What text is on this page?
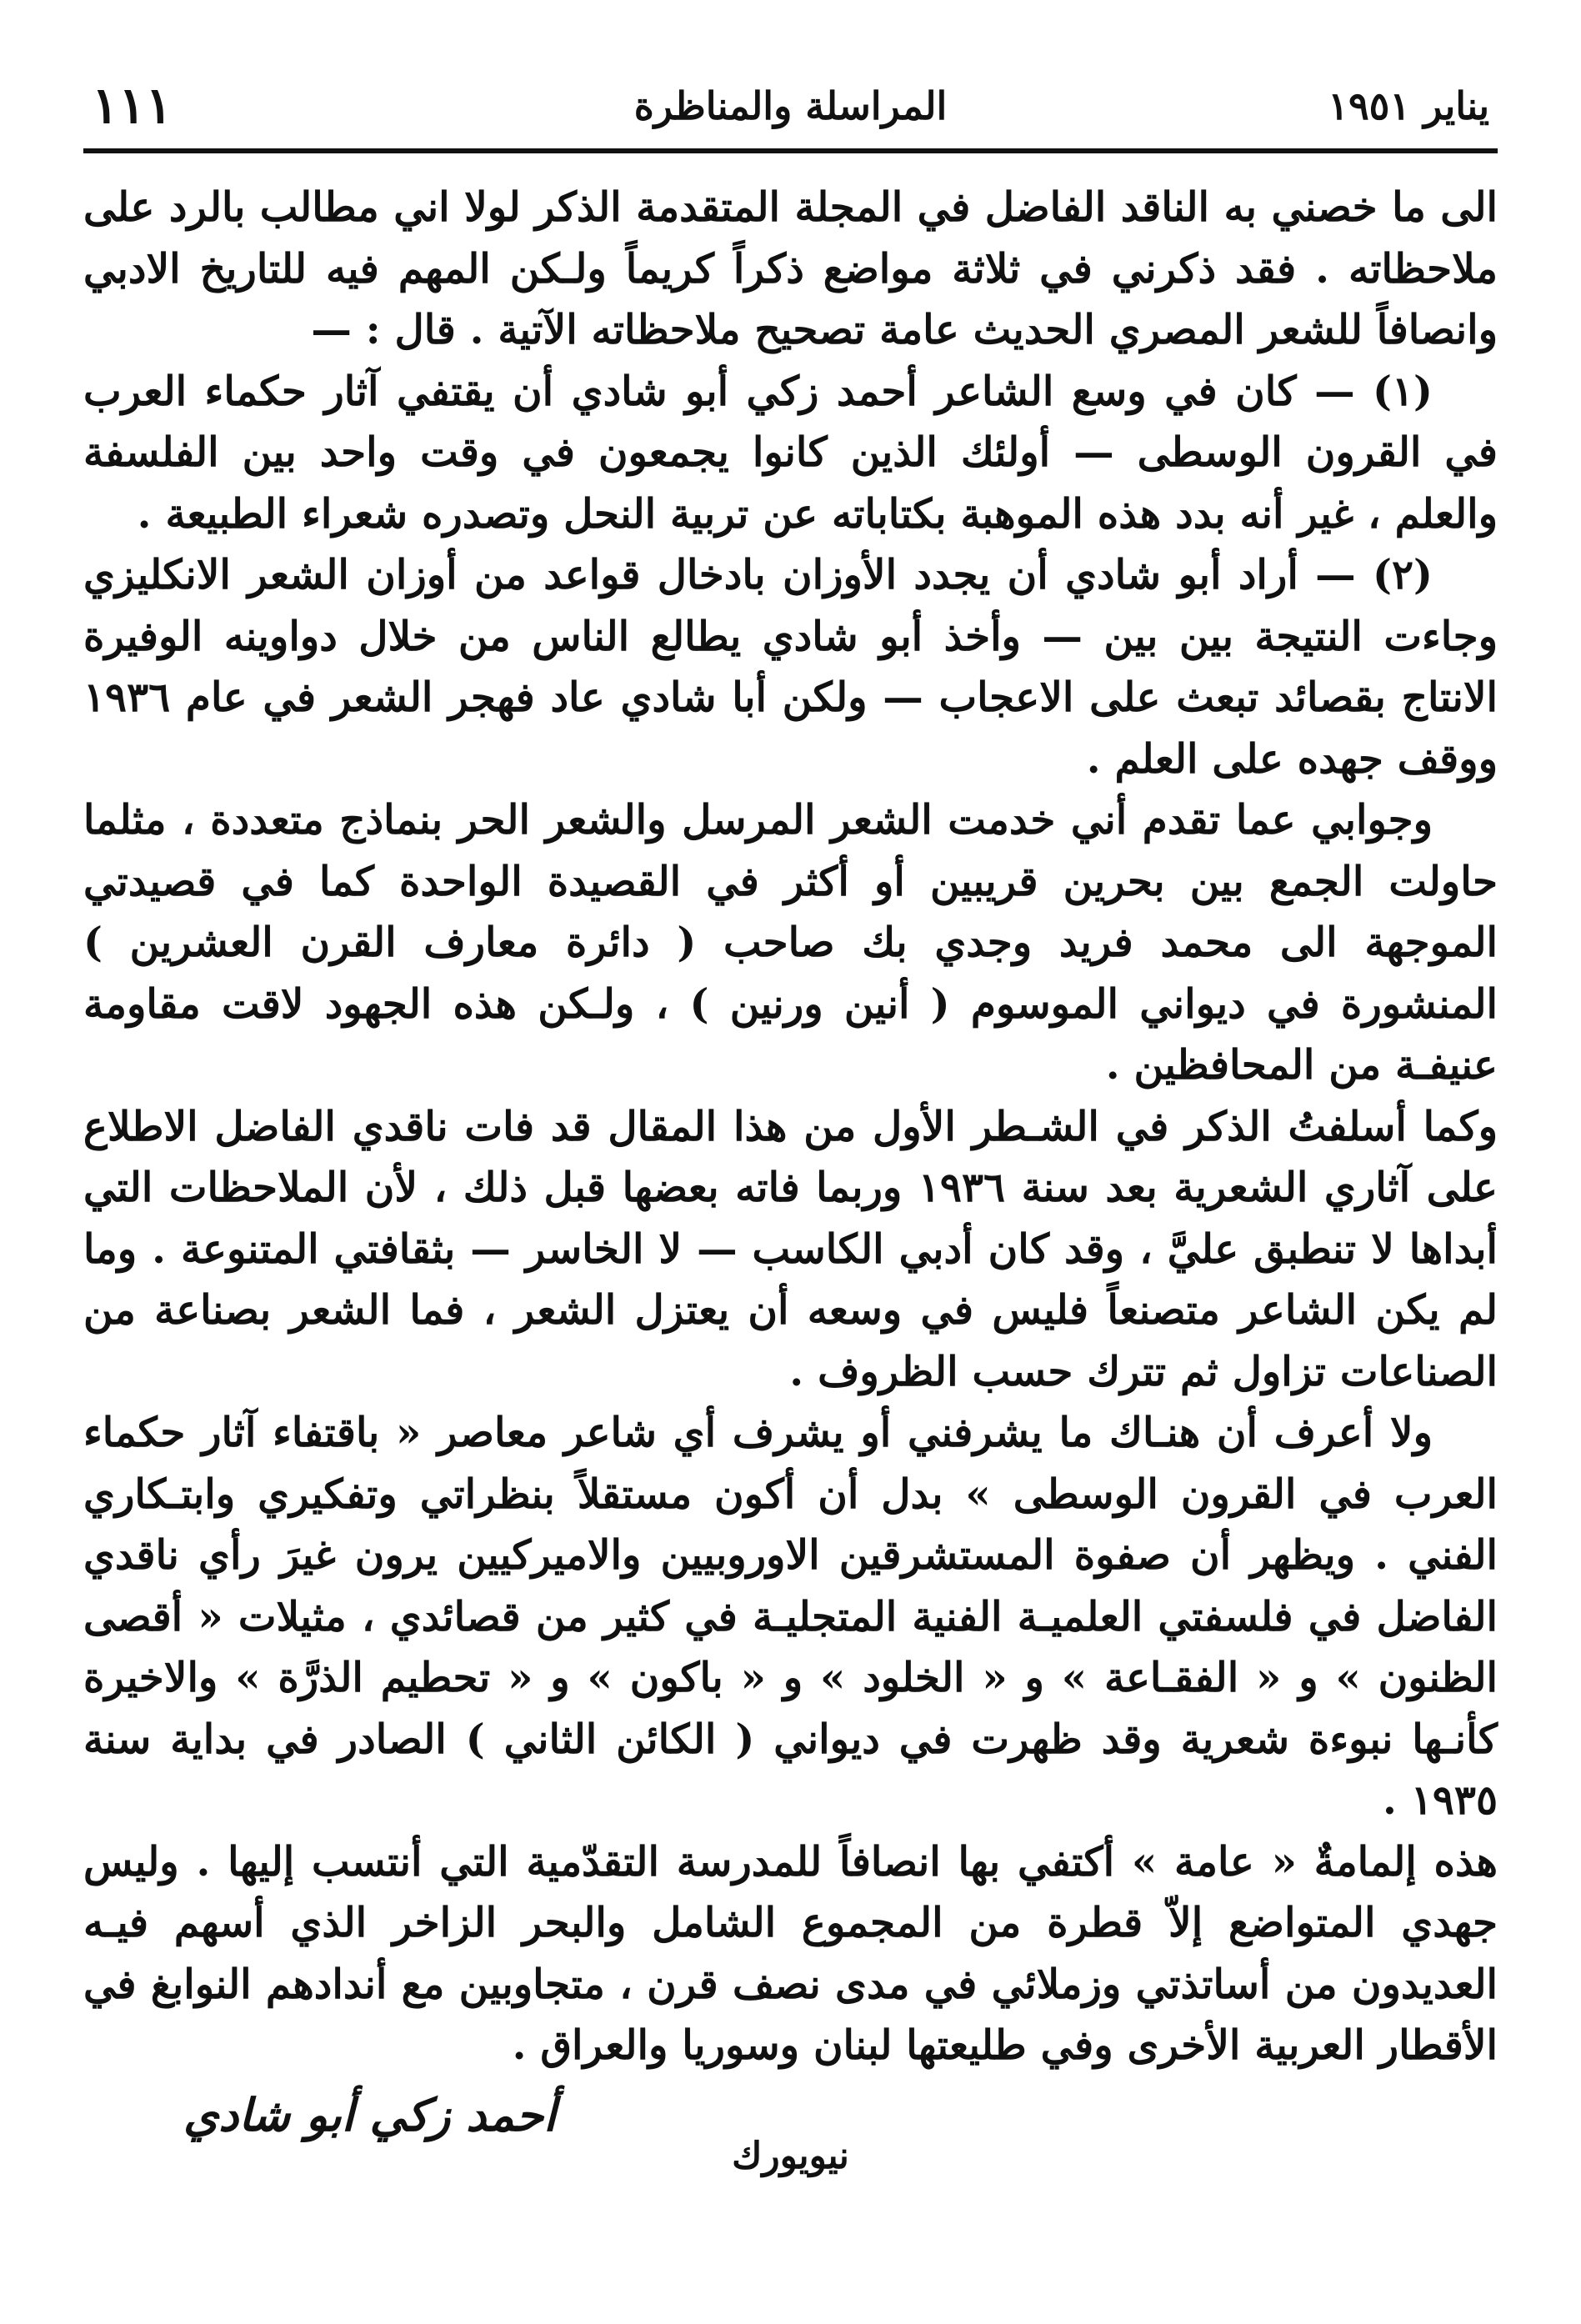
يناير ١٩٥١
المراسلة والمناظرة
١١١

الى ما خصني به الناقد الفاضل في المجلة المتقدمة الذكر لولا اني مطالب بالرد على ملاحظاته . فقد ذكرني في ثلاثة مواضع ذكراً كريماً ولـكن المهم فيه للتاريخ الادبي وانصافاً للشعر المصري الحديث عامة تصحيح ملاحظاته الآتية . قال : —

(١) — كان في وسع الشاعر أحمد زكي أبو شادي أن يقتفي آثار حكماء العرب في القرون الوسطى — أولئك الذين كانوا يجمعون في وقت واحد بين الفلسفة والعلم ، غير أنه بدد هذه الموهبة بكتاباته عن تربية النحل وتصدره شعراء الطبيعة .

(٢) — أراد أبو شادي أن يجدد الأوزان بادخال قواعد من أوزان الشعر الانكليزي وجاءت النتيجة بين بين — وأخذ أبو شادي يطالع الناس من خلال دواوينه الوفيرة الانتاج بقصائد تبعث على الاعجاب — ولكن أبا شادي عاد فهجر الشعر في عام ١٩٣٦ ووقف جهده على العلم .

وجوابي عما تقدم أني خدمت الشعر المرسل والشعر الحر بنماذج متعددة ، مثلما حاولت الجمع بين بحرين قريبين أو أكثر في القصيدة الواحدة كما في قصيدتي الموجهة الى محمد فريد وجدي بك صاحب ( دائرة معارف القرن العشرين ) المنشورة في ديواني الموسوم ( أنين ورنين ) ، ولـكن هذه الجهود لاقت مقاومة عنيفـة من المحافظين .

وكما أسلفتُ الذكر في الشـطر الأول من هذا المقال قد فات ناقدي الفاضل الاطلاع على آثاري الشعرية بعد سنة ١٩٣٦ وربما فاته بعضها قبل ذلك ، لأن الملاحظات التي أبداها لا تنطبق عليَّ ، وقد كان أدبي الكاسب — لا الخاسر — بثقافتي المتنوعة . وما لم يكن الشاعر متصنعاً فليس في وسعه أن يعتزل الشعر ، فما الشعر بصناعة من الصناعات تزاول ثم تترك حسب الظروف .

ولا أعرف أن هنـاك ما يشرفني أو يشرف أي شاعر معاصر « باقتفاء آثار حكماء العرب في القرون الوسطى » بدل أن أكون مستقلاً بنظراتي وتفكيري وابتـكاري الفني . ويظهر أن صفوة المستشرقين الاوروبيين والاميركيين يرون غيرَ رأي ناقدي الفاضل في فلسفتي العلميـة الفنية المتجليـة في كثير من قصائدي ، مثيلات « أقصى الظنون » و « الفقـاعة » و « الخلود » و « باكون » و « تحطيم الذرَّة » والاخيرة كأنـها نبوءة شعرية وقد ظهرت في ديواني ( الكائن الثاني ) الصادر في بداية سنة ١٩٣٥ .

هذه إلمامةٌ « عامة » أكتفي بها انصافاً للمدرسة التقدّمية التي أنتسب إليها . وليس جهدي المتواضع إلاّ قطرة من المجموع الشامل والبحر الزاخر الذي أسهم فيـه العديدون من أساتذتي وزملائي في مدى نصف قرن ، متجاوبين مع أندادهم النوابغ في الأقطار العربية الأخرى وفي طليعتها لبنان وسوريا والعراق .

أحمد زكي أبو شادي
نيويورك
